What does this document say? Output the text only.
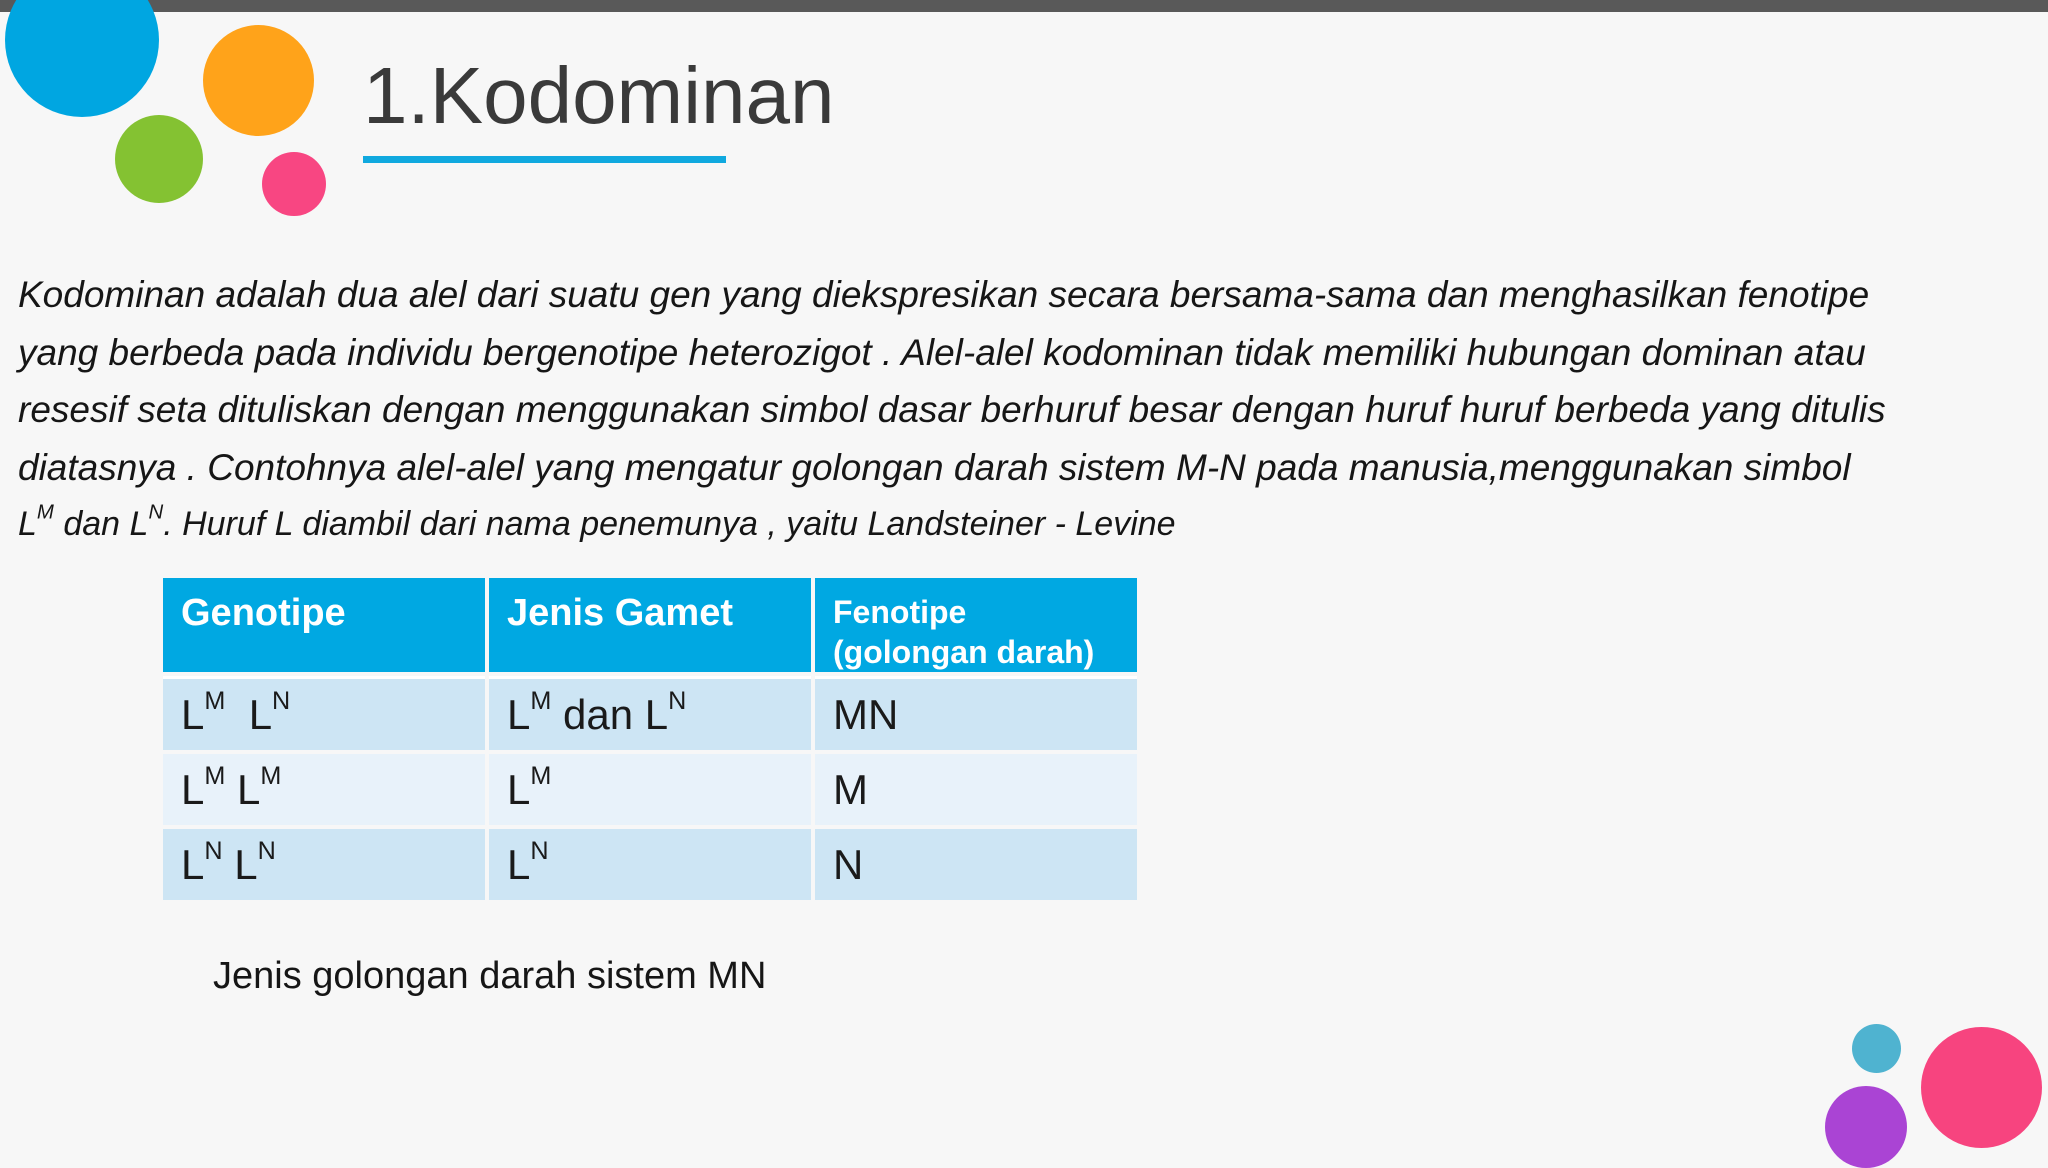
1.Kodominan

Kodominan adalah dua alel dari suatu gen yang diekspresikan secara bersama-sama dan menghasilkan fenotipe
yang berbeda pada individu bergenotipe heterozigot . Alel-alel kodominan tidak memiliki hubungan dominan atau
resesif seta dituliskan dengan menggunakan simbol dasar berhuruf besar dengan huruf huruf berbeda yang ditulis
diatasnya . Contohnya alel-alel yang mengatur golongan darah sistem M-N pada manusia,menggunakan simbol
$L^M$ dan $L^N$. Huruf L diambil dari nama penemunya , yaitu Landsteiner - Levine

Genotipe	Jenis Gamet	Fenotipe
(golongan darah)
$L^M$ $L^N$	$L^M$ dan $L^N$	MN
$L^M$ $L^M$	$L^M$	M
$L^N$ $L^N$	$L^N$	N

Jenis golongan darah sistem MN
